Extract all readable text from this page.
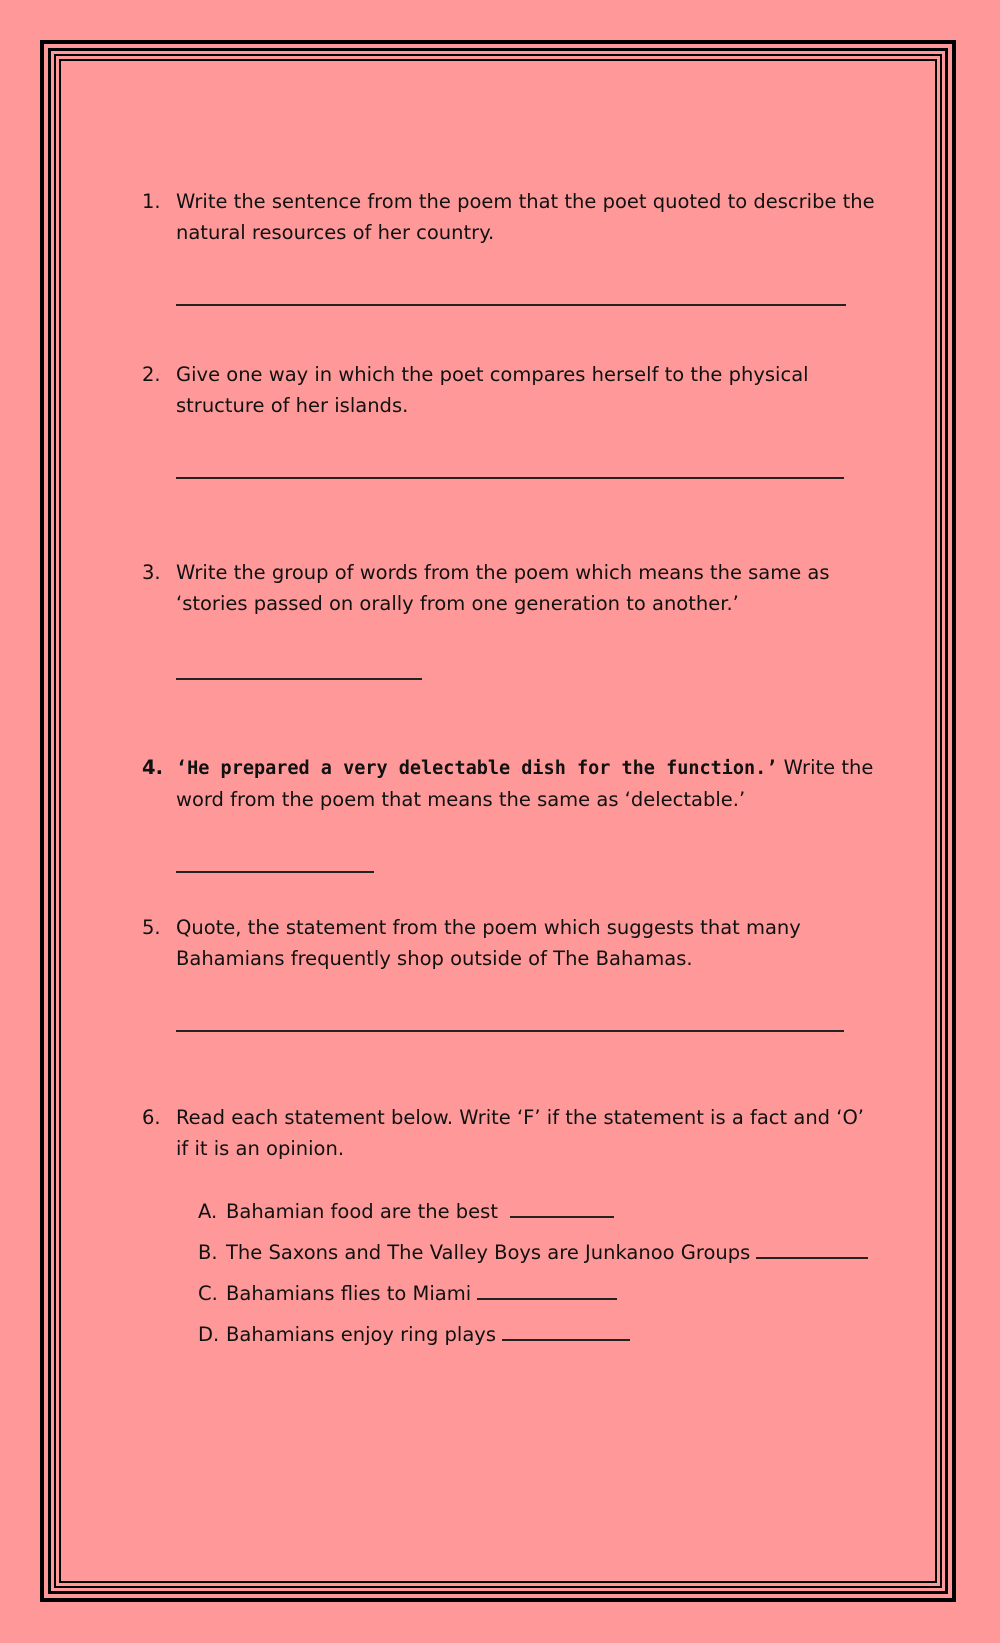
1. Write the sentence from the poem that the poet quoted to describe the natural resources of her country.
2. Give one way in which the poet compares herself to the physical structure of her islands.
3. Write the group of words from the poem which means the same as ‘stories passed on orally from one generation to another.’
4. ‘He prepared a very delectable dish for the function.’ Write the word from the poem that means the same as ‘delectable.’
5. Quote, the statement from the poem which suggests that many Bahamians frequently shop outside of The Bahamas.
6. Read each statement below. Write ‘F’ if the statement is a fact and ‘O’ if it is an opinion.
A. Bahamian food are the best
B. The Saxons and The Valley Boys are Junkanoo Groups
C. Bahamians flies to Miami
D. Bahamians enjoy ring plays
